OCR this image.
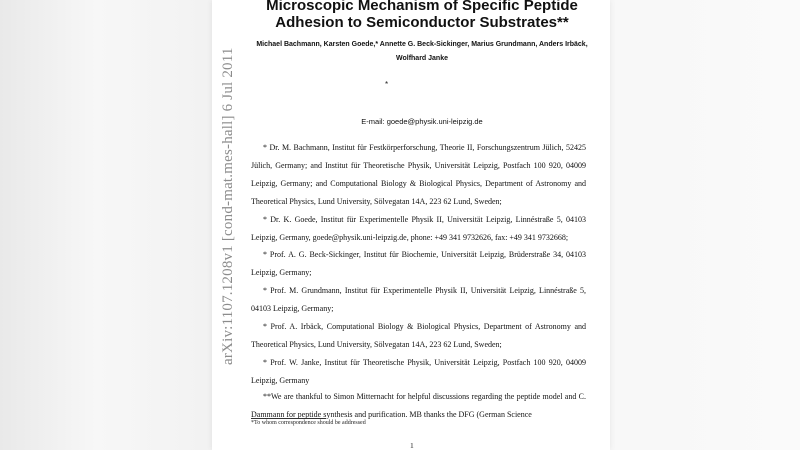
arXiv:1107.1208v1 [cond-mat.mes-hall] 6 Jul 2011
Microscopic Mechanism of Specific Peptide
Adhesion to Semiconductor Substrates**
Michael Bachmann, Karsten Goede,* Annette G. Beck-Sickinger, Marius Grundmann, Anders Irbäck,
Wolfhard Janke
*
E-mail: goede@physik.uni-leipzig.de

* Dr. M. Bachmann, Institut für Festkörperforschung, Theorie II, Forschungszentrum Jülich, 52425 Jülich, Germany; and Institut für Theoretische Physik, Universität Leipzig, Postfach 100 920, 04009 Leipzig, Germany; and Computational Biology & Biological Physics, Department of Astronomy and Theoretical Physics, Lund University, Sölvegatan 14A, 223 62 Lund, Sweden;

* Dr. K. Goede, Institut für Experimentelle Physik II, Universität Leipzig, Linnéstraße 5, 04103 Leipzig, Germany, goede@physik.uni-leipzig.de, phone: +49 341 9732626, fax: +49 341 9732668;

* Prof. A. G. Beck-Sickinger, Institut für Biochemie, Universität Leipzig, Brüderstraße 34, 04103 Leipzig, Germany;

* Prof. M. Grundmann, Institut für Experimentelle Physik II, Universität Leipzig, Linnéstraße 5, 04103 Leipzig, Germany;

* Prof. A. Irbäck, Computational Biology & Biological Physics, Department of Astronomy and Theoretical Physics, Lund University, Sölvegatan 14A, 223 62 Lund, Sweden;

* Prof. W. Janke, Institut für Theoretische Physik, Universität Leipzig, Postfach 100 920, 04009 Leipzig, Germany

**We are thankful to Simon Mitternacht for helpful discussions regarding the peptide model and C. Dammann for peptide synthesis and purification. MB thanks the DFG (German Science

*To whom correspondence should be addressed
1
